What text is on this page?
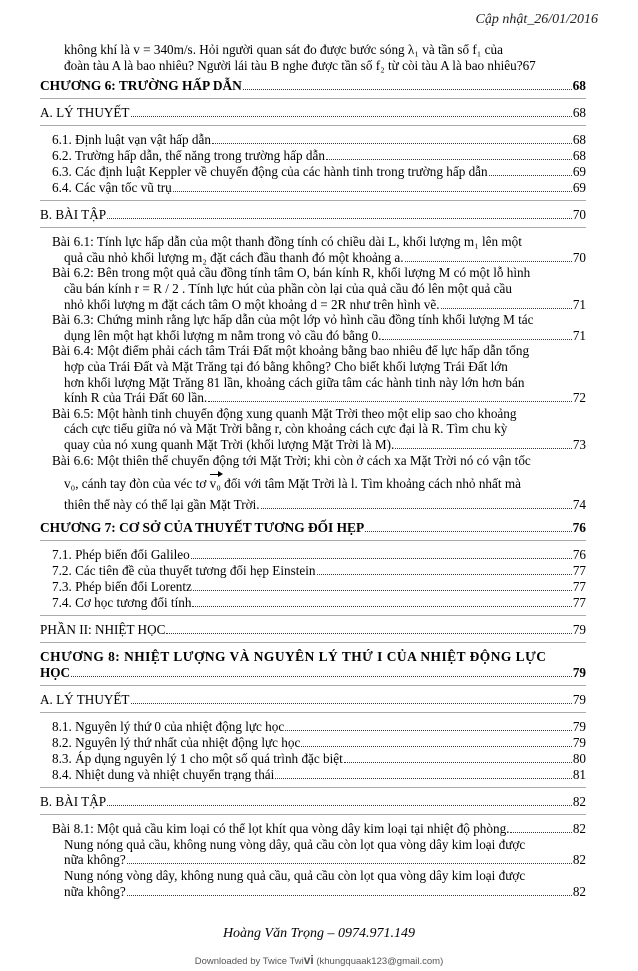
Cập nhật_26/01/2016
không khí là v = 340m/s. Hỏi người quan sát đo được bước sóng λ₁ và tần số f₁ của
đoàn tàu A là bao nhiêu? Người lái tàu B nghe được tần số f₂ từ còi tàu A là bao nhiêu?67
CHƯƠNG 6: TRƯỜNG HẤP DẪN	68
A. LÝ THUYẾT	68
6.1. Định luật vạn vật hấp dẫn	68
6.2. Trường hấp dẫn, thế năng trong trường hấp dẫn	68
6.3. Các định luật Keppler về chuyển động của các hành tinh trong trường hấp dẫn	69
6.4. Các vận tốc vũ trụ	69
B. BÀI TẬP	70
Bài 6.1: Tính lực hấp dẫn của một thanh đồng tính có chiều dài L, khối lượng m₁ lên một
quả cầu nhỏ khối lượng m₂ đặt cách đầu thanh đó một khoảng a.	70
Bài 6.2: Bên trong một quả cầu đồng tính tâm O, bán kính R, khối lượng M có một lỗ hình
cầu bán kính r = R / 2 . Tính lực hút của phần còn lại của quả cầu đó lên một quả cầu
nhỏ khối lượng m đặt cách tâm O một khoảng d = 2R như trên hình vẽ.	71
Bài 6.3: Chứng minh rằng lực hấp dẫn của một lớp vỏ hình cầu đồng tính khối lượng M tác
dụng lên một hạt khối lượng m nằm trong vỏ cầu đó bằng 0.	71
Bài 6.4: Một điểm phải cách tâm Trái Đất một khoảng bằng bao nhiêu để lực hấp dẫn tổng
hợp của Trái Đất và Mặt Trăng tại đó bằng không? Cho biết khối lượng Trái Đất lớn
hơn khối lượng Mặt Trăng 81 lần, khoảng cách giữa tâm các hành tinh này lớn hơn bán
kính R của Trái Đất 60 lần.	72
Bài 6.5: Một hành tinh chuyển động xung quanh Mặt Trời theo một elip sao cho khoảng
cách cực tiểu giữa nó và Mặt Trời bằng r, còn khoảng cách cực đại là R. Tìm chu kỳ
quay của nó xung quanh Mặt Trời (khối lượng Mặt Trời là M).	73
Bài 6.6: Một thiên thể chuyển động tới Mặt Trời; khi còn ở cách xa Mặt Trời nó có vận tốc
v₀, cánh tay đòn của véc tơ v₀ đối với tâm Mặt Trời là l. Tìm khoảng cách nhỏ nhất mà
thiên thể này có thể lại gần Mặt Trời.	74
CHƯƠNG 7: CƠ SỞ CỦA THUYẾT TƯƠNG ĐỐI HẸP	76
7.1. Phép biến đổi Galileo	76
7.2. Các tiên đề của thuyết tương đối hẹp Einstein	77
7.3. Phép biến đổi Lorentz	77
7.4. Cơ học tương đối tính	77
PHẦN II: NHIỆT HỌC	79
CHƯƠNG 8: NHIỆT LƯỢNG VÀ NGUYÊN LÝ THỨ I CỦA NHIỆT ĐỘNG LỰC
HỌC	79
A. LÝ THUYẾT	79
8.1. Nguyên lý thứ 0 của nhiệt động lực học	79
8.2. Nguyên lý thứ nhất của nhiệt động lực học	79
8.3. Áp dụng nguyên lý 1 cho một số quá trình đặc biệt	80
8.4. Nhiệt dung và nhiệt chuyển trạng thái	81
B. BÀI TẬP	82
Bài 8.1: Một quả cầu kim loại có thể lọt khít qua vòng dây kim loại tại nhiệt độ phòng.	82
Nung nóng quả cầu, không nung vòng dây, quả cầu còn lọt qua vòng dây kim loại được
nữa không?	82
Nung nóng vòng dây, không nung quả cầu, quả cầu còn lọt qua vòng dây kim loại được
nữa không?	82
Hoàng Văn Trọng – 0974.971.149
Downloaded by Twice Twivi (khungquaak123@gmail.com)
